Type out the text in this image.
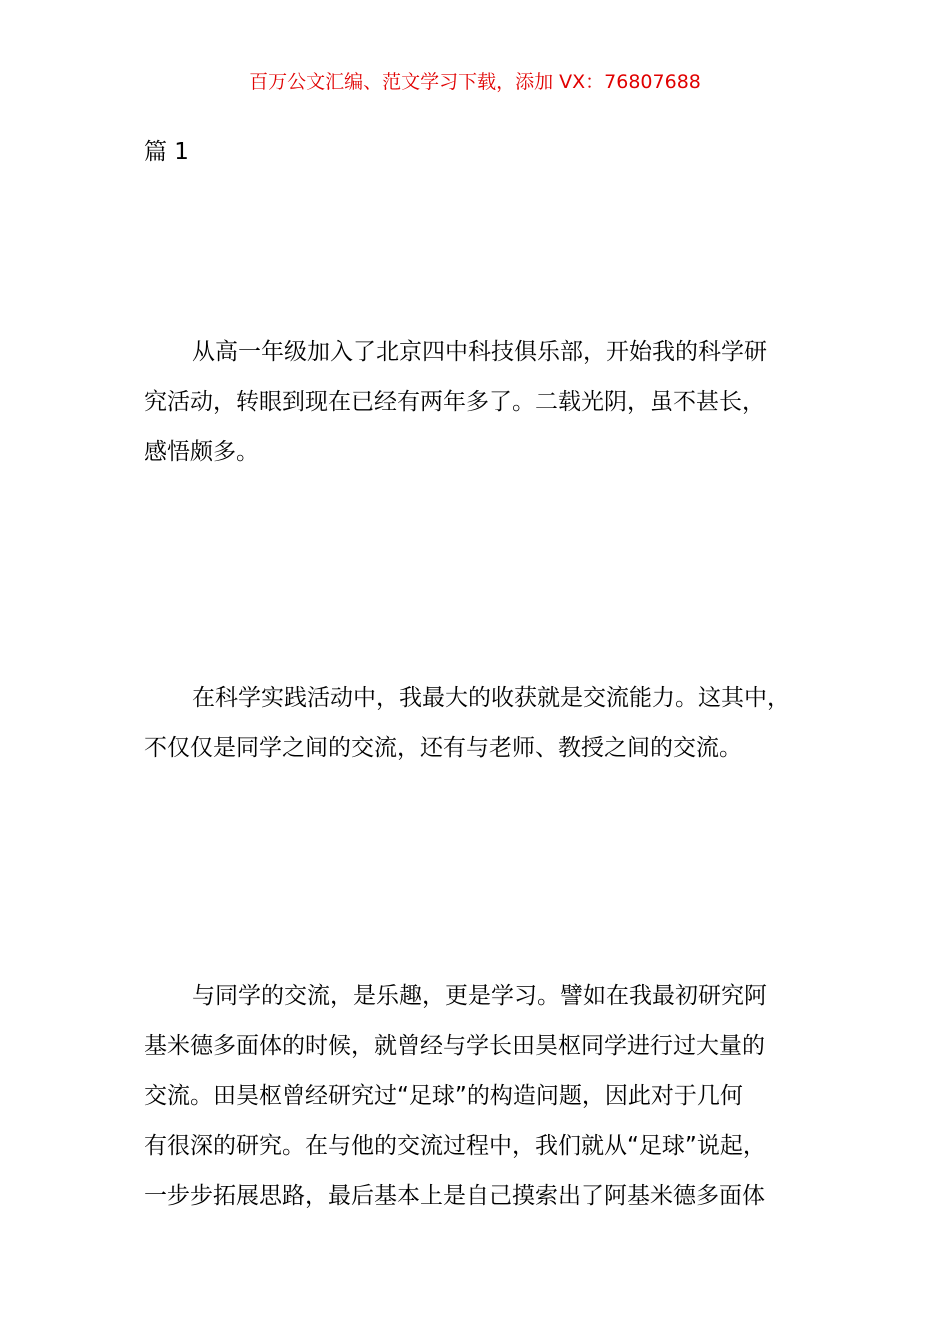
百万公文汇编、范文学习下载，添加 VX：76807688
篇 1
从高一年级加入了北京四中科技俱乐部，开始我的科学研
究活动，转眼到现在已经有两年多了。二载光阴，虽不甚长，
感悟颇多。
在科学实践活动中，我最大的收获就是交流能力。这其中，
不仅仅是同学之间的交流，还有与老师、教授之间的交流。
与同学的交流，是乐趣，更是学习。譬如在我最初研究阿
基米德多面体的时候，就曾经与学长田昊枢同学进行过大量的
交流。田昊枢曾经研究过“足球”的构造问题，因此对于几何
有很深的研究。在与他的交流过程中，我们就从“足球”说起，
一步步拓展思路，最后基本上是自己摸索出了阿基米德多面体
